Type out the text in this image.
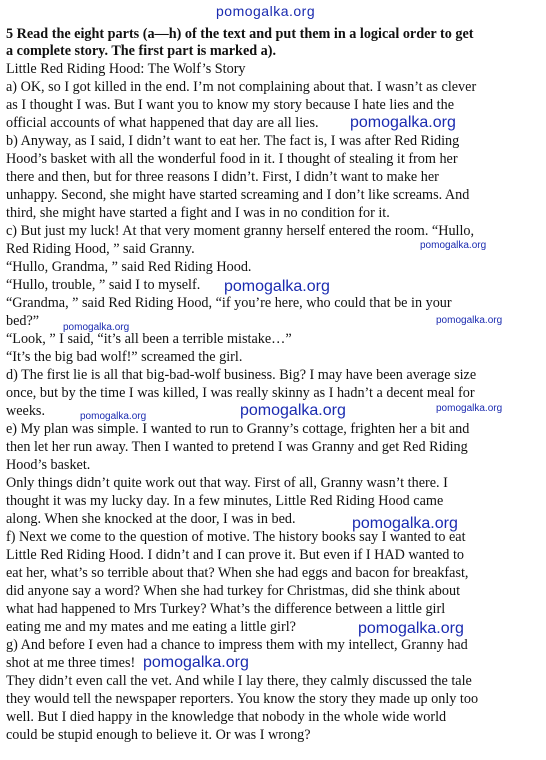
pomogalka.org
5 Read the eight parts (a—h) of the text and put them in a logical order to get
a complete story. The first part is marked a).
Little Red Riding Hood: The Wolf’s Story
a) OK, so I got killed in the end. I’m not complaining about that. I wasn’t as clever
as I thought I was. But I want you to know my story because I hate lies and the
official accounts of what happened that day are all lies.
b) Anyway, as I said, I didn’t want to eat her. The fact is, I was after Red Riding
Hood’s basket with all the wonderful food in it. I thought of stealing it from her
there and then, but for three reasons I didn’t. First, I didn’t want to make her
unhappy. Second, she might have started screaming and I don’t like screams. And
third, she might have started a fight and I was in no condition for it.
c) But just my luck! At that very moment granny herself entered the room. “Hullo,
Red Riding Hood, ” said Granny.
“Hullo, Grandma, ” said Red Riding Hood.
“Hullo, trouble, ” said I to myself.
“Grandma, ” said Red Riding Hood, “if you’re here, who could that be in your
bed?”
“Look, ” I said, “it’s all been a terrible mistake…”
“It’s the big bad wolf!” screamed the girl.
d) The first lie is all that big-bad-wolf business. Big? I may have been average size
once, but by the time I was killed, I was really skinny as I hadn’t a decent meal for
weeks.
e) My plan was simple. I wanted to run to Granny’s cottage, frighten her a bit and
then let her run away. Then I wanted to pretend I was Granny and get Red Riding
Hood’s basket.
Only things didn’t quite work out that way. First of all, Granny wasn’t there. I
thought it was my lucky day. In a few minutes, Little Red Riding Hood came
along. When she knocked at the door, I was in bed.
f) Next we come to the question of motive. The history books say I wanted to eat
Little Red Riding Hood. I didn’t and I can prove it. But even if I HAD wanted to
eat her, what’s so terrible about that? When she had eggs and bacon for breakfast,
did anyone say a word? When she had turkey for Christmas, did she think about
what had happened to Mrs Turkey? What’s the difference between a little girl
eating me and my mates and me eating a little girl?
g) And before I even had a chance to impress them with my intellect, Granny had
shot at me three times!
They didn’t even call the vet. And while I lay there, they calmly discussed the tale
they would tell the newspaper reporters. You know the story they made up only too
well. But I died happy in the knowledge that nobody in the whole wide world
could be stupid enough to believe it. Or was I wrong?
pomogalka.org
pomogalka.org
pomogalka.org
pomogalka.org
pomogalka.org
pomogalka.org
pomogalka.org
pomogalka.org
pomogalka.org
pomogalka.org
pomogalka.org
